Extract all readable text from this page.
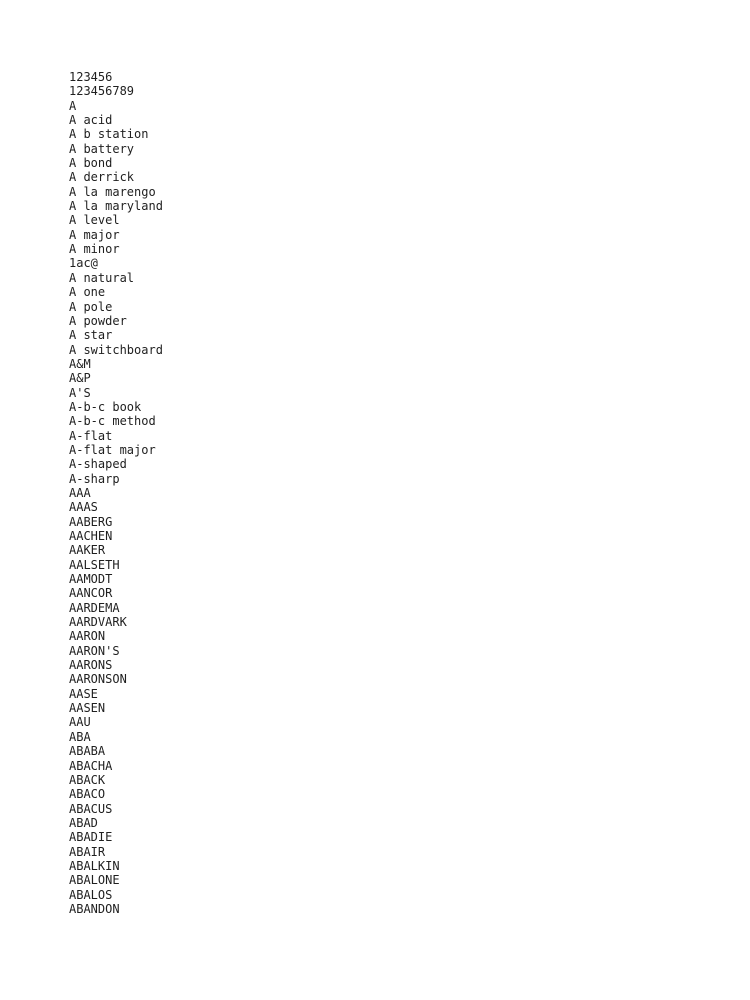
123456
123456789
A
A acid
A b station
A battery
A bond
A derrick
A la marengo
A la maryland
A level
A major
A minor
1ac@
A natural
A one
A pole
A powder
A star
A switchboard
A&M
A&P
A'S
A-b-c book
A-b-c method
A-flat
A-flat major
A-shaped
A-sharp
AAA
AAAS
AABERG
AACHEN
AAKER
AALSETH
AAMODT
AANCOR
AARDEMA
AARDVARK
AARON
AARON'S
AARONS
AARONSON
AASE
AASEN
AAU
ABA
ABABA
ABACHA
ABACK
ABACO
ABACUS
ABAD
ABADIE
ABAIR
ABALKIN
ABALONE
ABALOS
ABANDON
